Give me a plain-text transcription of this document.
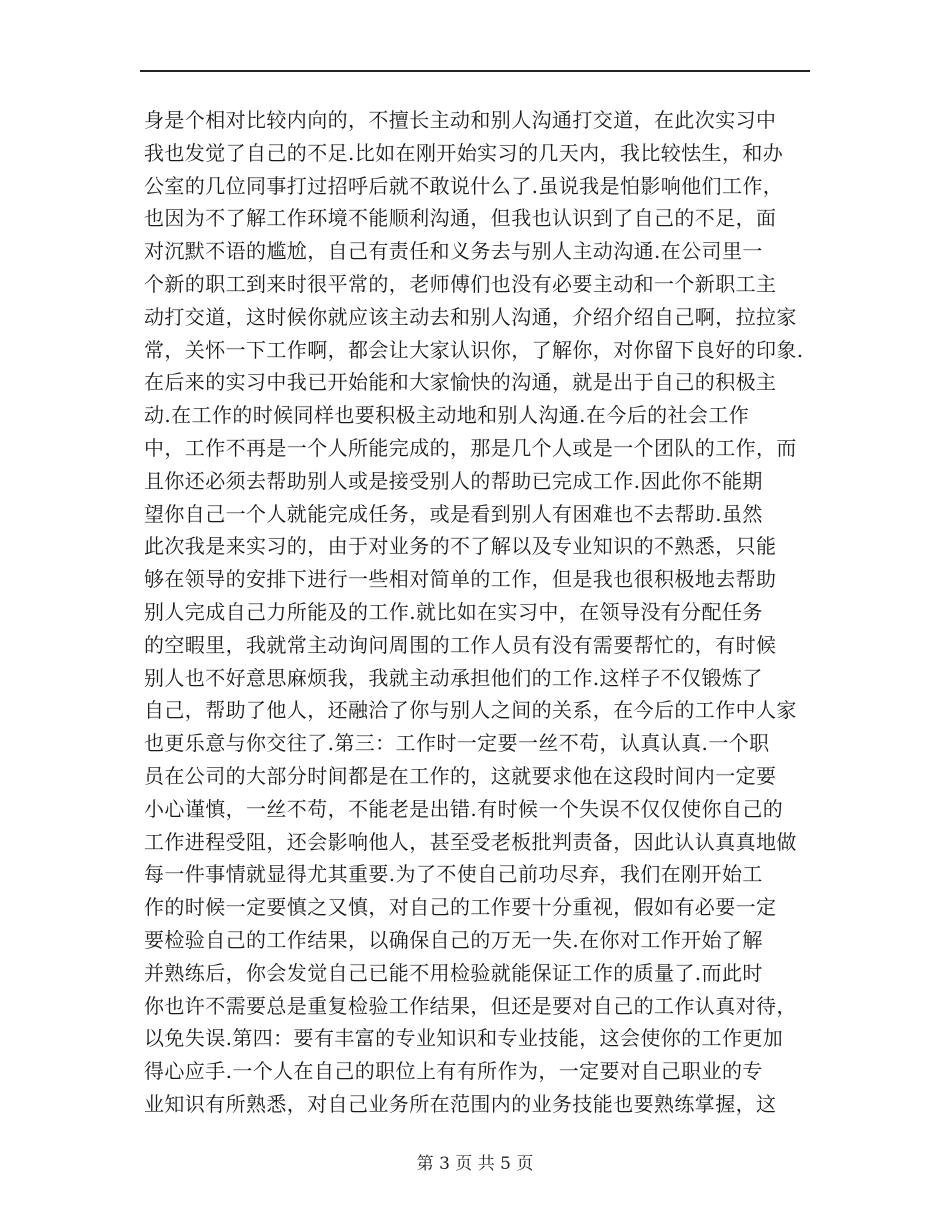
身是个相对比较内向的，不擅长主动和别人沟通打交道，在此次实习中
我也发觉了自己的不足.比如在刚开始实习的几天内，我比较怯生，和办
公室的几位同事打过招呼后就不敢说什么了.虽说我是怕影响他们工作，
也因为不了解工作环境不能顺利沟通，但我也认识到了自己的不足，面
对沉默不语的尴尬，自己有责任和义务去与别人主动沟通.在公司里一
个新的职工到来时很平常的，老师傅们也没有必要主动和一个新职工主
动打交道，这时候你就应该主动去和别人沟通，介绍介绍自己啊，拉拉家
常，关怀一下工作啊，都会让大家认识你，了解你，对你留下良好的印象.
在后来的实习中我已开始能和大家愉快的沟通，就是出于自己的积极主
动.在工作的时候同样也要积极主动地和别人沟通.在今后的社会工作
中，工作不再是一个人所能完成的，那是几个人或是一个团队的工作，而
且你还必须去帮助别人或是接受别人的帮助已完成工作.因此你不能期
望你自己一个人就能完成任务，或是看到别人有困难也不去帮助.虽然
此次我是来实习的，由于对业务的不了解以及专业知识的不熟悉，只能
够在领导的安排下进行一些相对简单的工作，但是我也很积极地去帮助
别人完成自己力所能及的工作.就比如在实习中，在领导没有分配任务
的空暇里，我就常主动询问周围的工作人员有没有需要帮忙的，有时候
别人也不好意思麻烦我，我就主动承担他们的工作.这样子不仅锻炼了
自己，帮助了他人，还融洽了你与别人之间的关系，在今后的工作中人家
也更乐意与你交往了.第三：工作时一定要一丝不苟，认真认真.一个职
员在公司的大部分时间都是在工作的，这就要求他在这段时间内一定要
小心谨慎，一丝不苟，不能老是出错.有时候一个失误不仅仅使你自己的
工作进程受阻，还会影响他人，甚至受老板批判责备，因此认认真真地做
每一件事情就显得尤其重要.为了不使自己前功尽弃，我们在刚开始工
作的时候一定要慎之又慎，对自己的工作要十分重视，假如有必要一定
要检验自己的工作结果，以确保自己的万无一失.在你对工作开始了解
并熟练后，你会发觉自己已能不用检验就能保证工作的质量了.而此时
你也许不需要总是重复检验工作结果，但还是要对自己的工作认真对待，
以免失误.第四：要有丰富的专业知识和专业技能，这会使你的工作更加
得心应手.一个人在自己的职位上有有所作为，一定要对自己职业的专
业知识有所熟悉，对自己业务所在范围内的业务技能也要熟练掌握，这
第 3 页 共 5 页
